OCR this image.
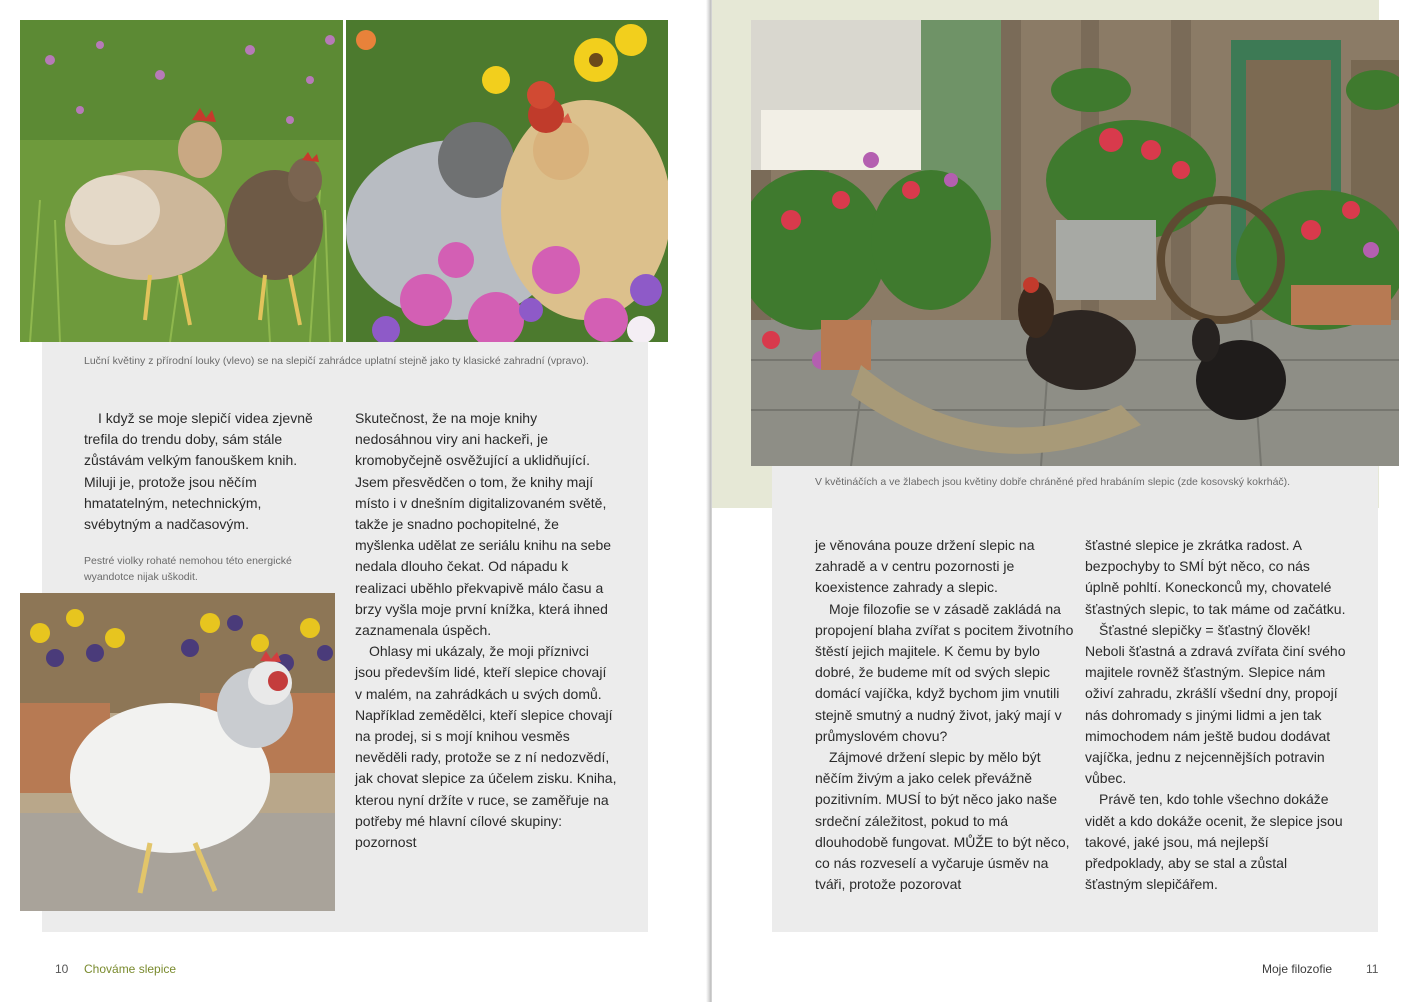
Luční květiny z přírodní louky (vlevo) se na slepičí zahrádce uplatní stejně jako ty klasické zahradní (vpravo).

I když se moje slepičí videa zjevně trefila do trendu doby, sám stále zůstávám velkým fanouškem knih. Miluji je, protože jsou něčím hmatatelným, netechnickým, svébytným a nadčasovým.

Pestré violky rohaté nemohou této energické wyandotce nijak uškodit.

Skutečnost, že na moje knihy nedosáhnou viry ani hackeři, je kromobyčejně osvěžující a uklidňující. Jsem přesvědčen o tom, že knihy mají místo i v dnešním digitalizovaném světě, takže je snadno pochopitelné, že myšlenka udělat ze seriálu knihu na sebe nedala dlouho čekat. Od nápadu k realizaci uběhlo překvapivě málo času a brzy vyšla moje první knížka, která ihned zaznamenala úspěch.

Ohlasy mi ukázaly, že moji příznivci jsou především lidé, kteří slepice chovají v malém, na zahrádkách u svých domů. Například zemědělci, kteří slepice chovají na prodej, si s mojí knihou vesměs nevěděli rady, protože se z ní nedozvědí, jak chovat slepice za účelem zisku. Kniha, kterou nyní držíte v ruce, se zaměřuje na potřeby mé hlavní cílové skupiny: pozornost

10 Chováme slepice
V květináčích a ve žlabech jsou květiny dobře chráněné před hrabáním slepic (zde kosovský kokrháč).

je věnována pouze držení slepic na zahradě a v centru pozornosti je koexistence zahrady a slepic.

Moje filozofie se v zásadě zakládá na propojení blaha zvířat s pocitem životního štěstí jejich majitele. K čemu by bylo dobré, že budeme mít od svých slepic domácí vajíčka, když bychom jim vnutili stejně smutný a nudný život, jaký mají v průmyslovém chovu?

Zájmové držení slepic by mělo být něčím živým a jako celek převážně pozitivním. MUSÍ to být něco jako naše srdeční záležitost, pokud to má dlouhodobě fungovat. MŮŽE to být něco, co nás rozveselí a vyčaruje úsměv na tváři, protože pozorovat

šťastné slepice je zkrátka radost. A bezpochyby to SMÍ být něco, co nás úplně pohltí. Koneckonců my, chovatelé šťastných slepic, to tak máme od začátku.

Šťastné slepičky = šťastný člověk! Neboli šťastná a zdravá zvířata činí svého majitele rovněž šťastným. Slepice nám oživí zahradu, zkrášlí všední dny, propojí nás dohromady s jinými lidmi a jen tak mimochodem nám ještě budou dodávat vajíčka, jednu z nejcennějších potravin vůbec.

Právě ten, kdo tohle všechno dokáže vidět a kdo dokáže ocenit, že slepice jsou takové, jaké jsou, má nejlepší předpoklady, aby se stal a zůstal šťastným slepičářem.

Moje filozofie	11
